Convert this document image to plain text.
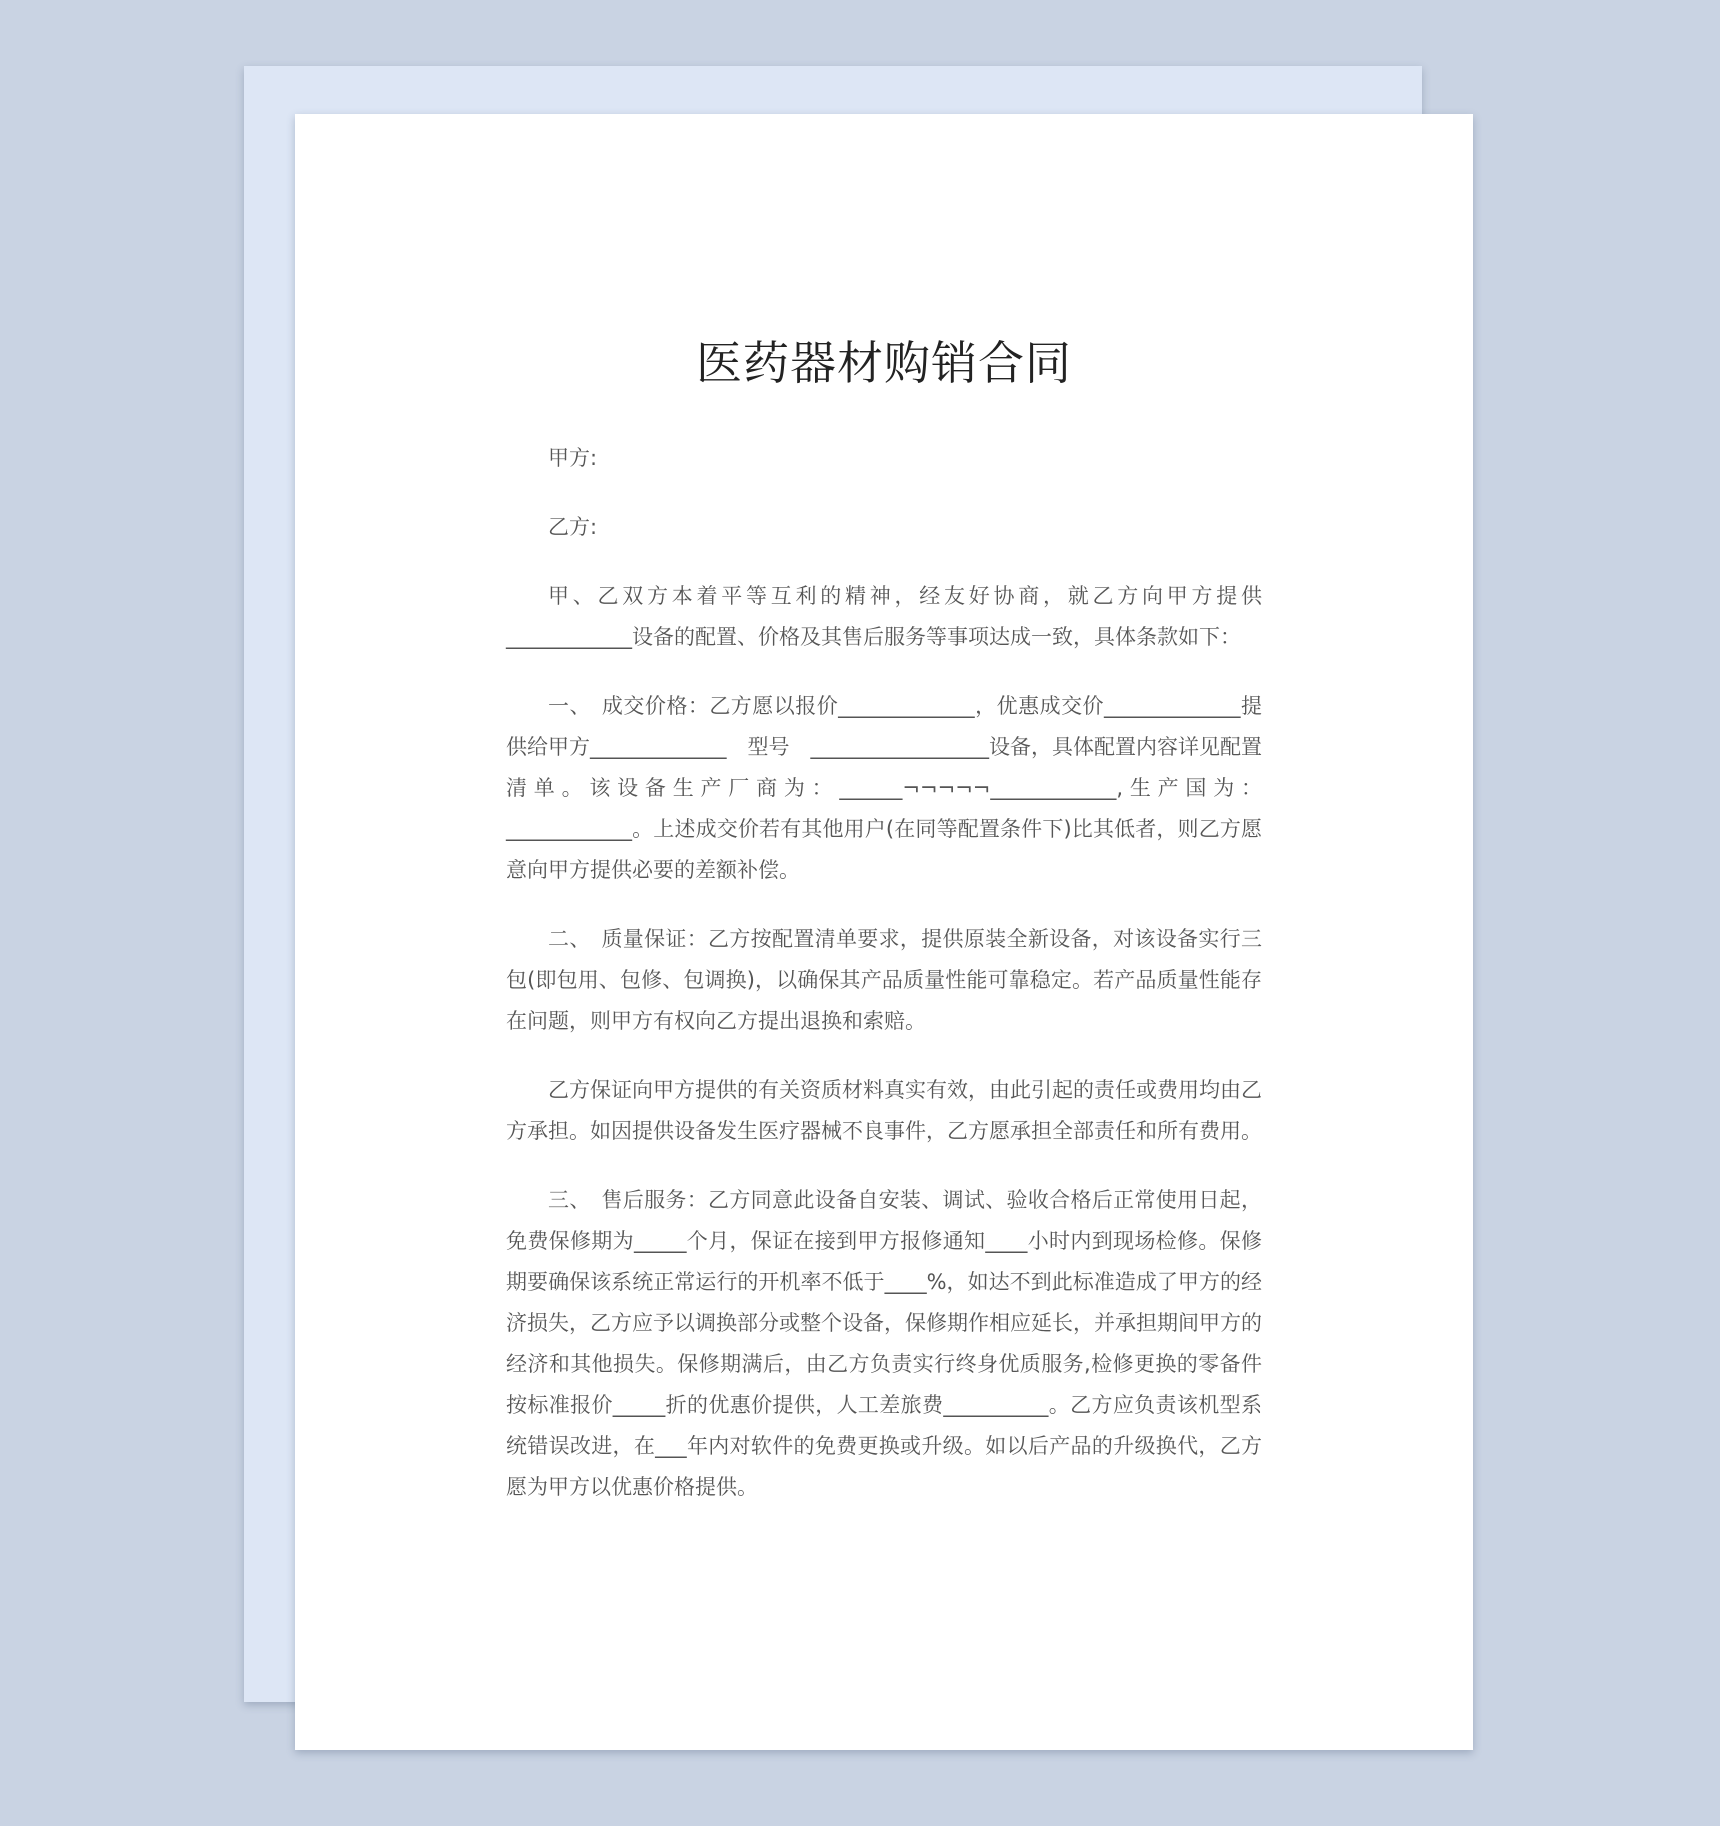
医药器材购销合同

甲方:

乙方:

甲、乙双方本着平等互利的精神，经友好协商，就乙方向甲方提供____________设备的配置、价格及其售后服务等事项达成一致，具体条款如下：

一、　成交价格：乙方愿以报价_____________，优惠成交价_____________提供给甲方_____________　型号　_________________设备，具体配置内容详见配置清单。该设备生产厂商为：______¬¬¬¬¬____________,生产国为：____________。上述成交价若有其他用户(在同等配置条件下)比其低者，则乙方愿意向甲方提供必要的差额补偿。

二、　质量保证：乙方按配置清单要求，提供原装全新设备，对该设备实行三包(即包用、包修、包调换)，以确保其产品质量性能可靠稳定。若产品质量性能存在问题，则甲方有权向乙方提出退换和索赔。

乙方保证向甲方提供的有关资质材料真实有效，由此引起的责任或费用均由乙方承担。如因提供设备发生医疗器械不良事件，乙方愿承担全部责任和所有费用。

三、　售后服务：乙方同意此设备自安装、调试、验收合格后正常使用日起，免费保修期为_____个月，保证在接到甲方报修通知____小时内到现场检修。保修期要确保该系统正常运行的开机率不低于____%，如达不到此标准造成了甲方的经济损失，乙方应予以调换部分或整个设备，保修期作相应延长，并承担期间甲方的经济和其他损失。保修期满后，由乙方负责实行终身优质服务,检修更换的零备件按标准报价_____折的优惠价提供，人工差旅费__________。乙方应负责该机型系统错误改进，在___年内对软件的免费更换或升级。如以后产品的升级换代，乙方愿为甲方以优惠价格提供。
